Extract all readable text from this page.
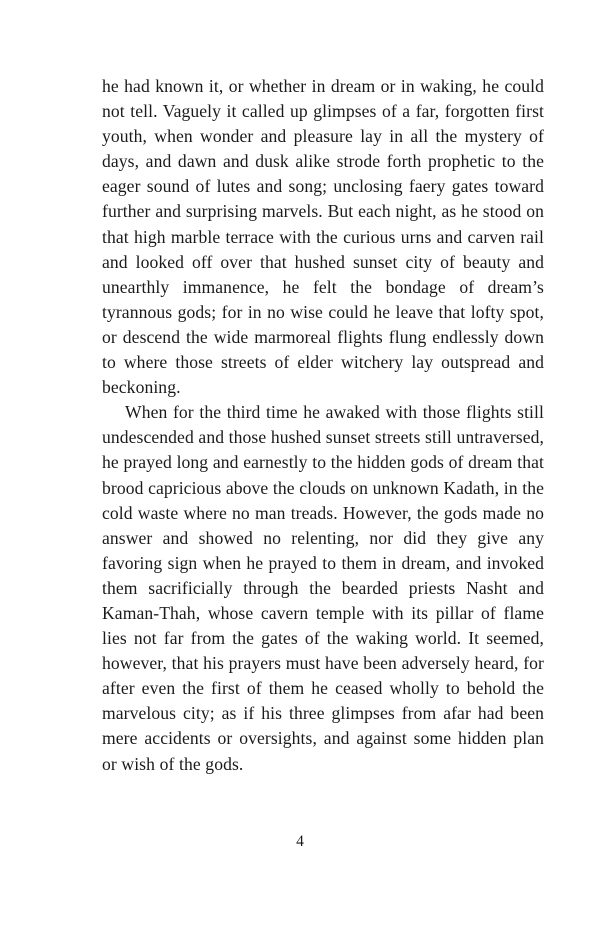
he had known it, or whether in dream or in waking, he could not tell. Vaguely it called up glimpses of a far, forgotten first youth, when wonder and pleasure lay in all the mystery of days, and dawn and dusk alike strode forth prophetic to the eager sound of lutes and song; unclosing faery gates toward further and surprising marvels. But each night, as he stood on that high marble terrace with the curious urns and carven rail and looked off over that hushed sunset city of beauty and unearthly immanence, he felt the bondage of dream’s tyrannous gods; for in no wise could he leave that lofty spot, or descend the wide marmoreal flights flung endlessly down to where those streets of elder witchery lay outspread and beckoning.

When for the third time he awaked with those flights still undescended and those hushed sunset streets still untraversed, he prayed long and earnestly to the hidden gods of dream that brood capricious above the clouds on unknown Kadath, in the cold waste where no man treads. However, the gods made no answer and showed no relenting, nor did they give any favoring sign when he prayed to them in dream, and invoked them sacrificially through the bearded priests Nasht and Kaman-Thah, whose cavern temple with its pillar of flame lies not far from the gates of the waking world. It seemed, however, that his prayers must have been adversely heard, for after even the first of them he ceased wholly to behold the marvelous city; as if his three glimpses from afar had been mere accidents or oversights, and against some hidden plan or wish of the gods.

4
